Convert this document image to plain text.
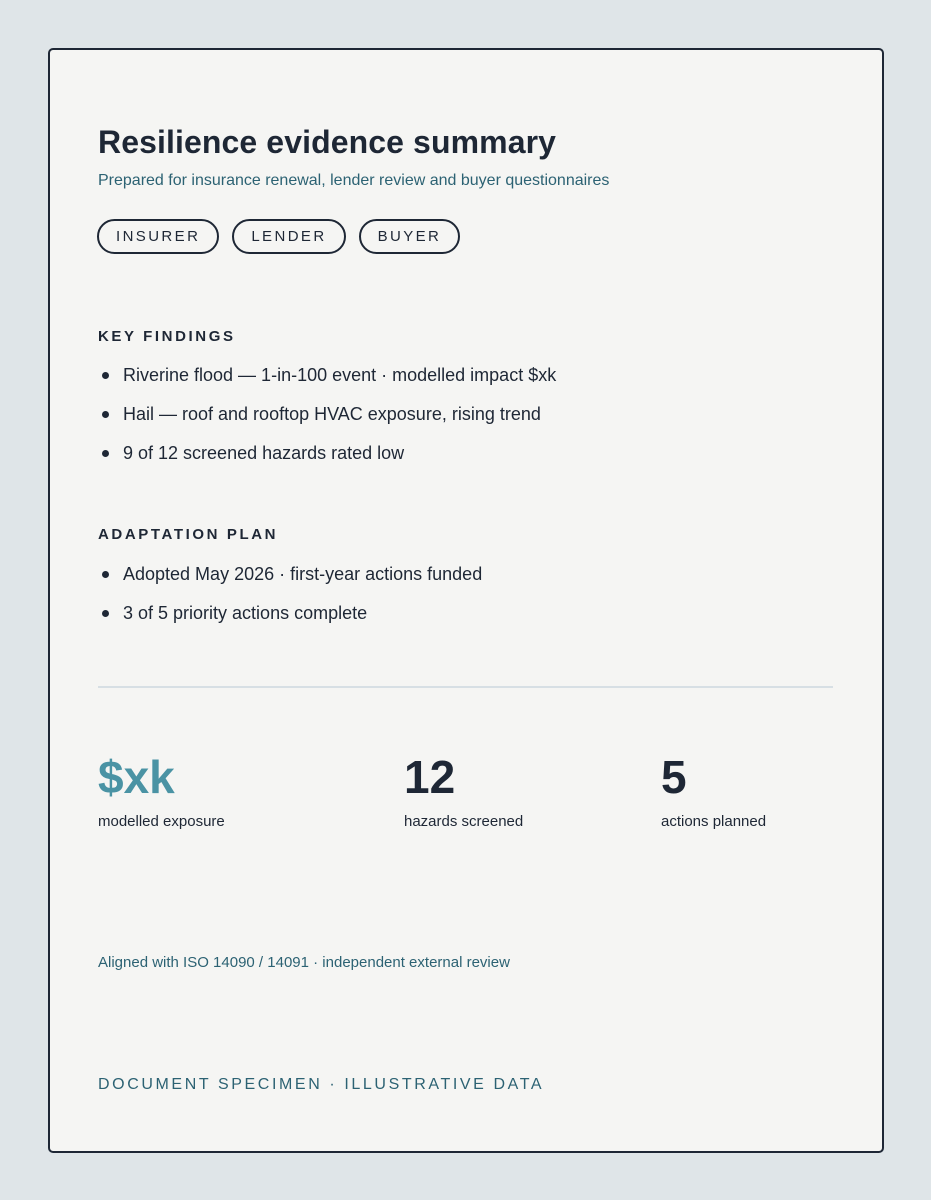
Resilience evidence summary

Prepared for insurance renewal, lender review and buyer questionnaires

INSURER	LENDER	BUYER
KEY FINDINGS
Riverine flood — 1-in-100 event · modelled impact $xk
Hail — roof and rooftop HVAC exposure, rising trend
9 of 12 screened hazards rated low
ADAPTATION PLAN
Adopted May 2026 · first-year actions funded
3 of 5 priority actions complete
$xk
modelled exposure
12
hazards screened
5
actions planned

Aligned with ISO 14090 / 14091 · independent external review

DOCUMENT SPECIMEN · ILLUSTRATIVE DATA
